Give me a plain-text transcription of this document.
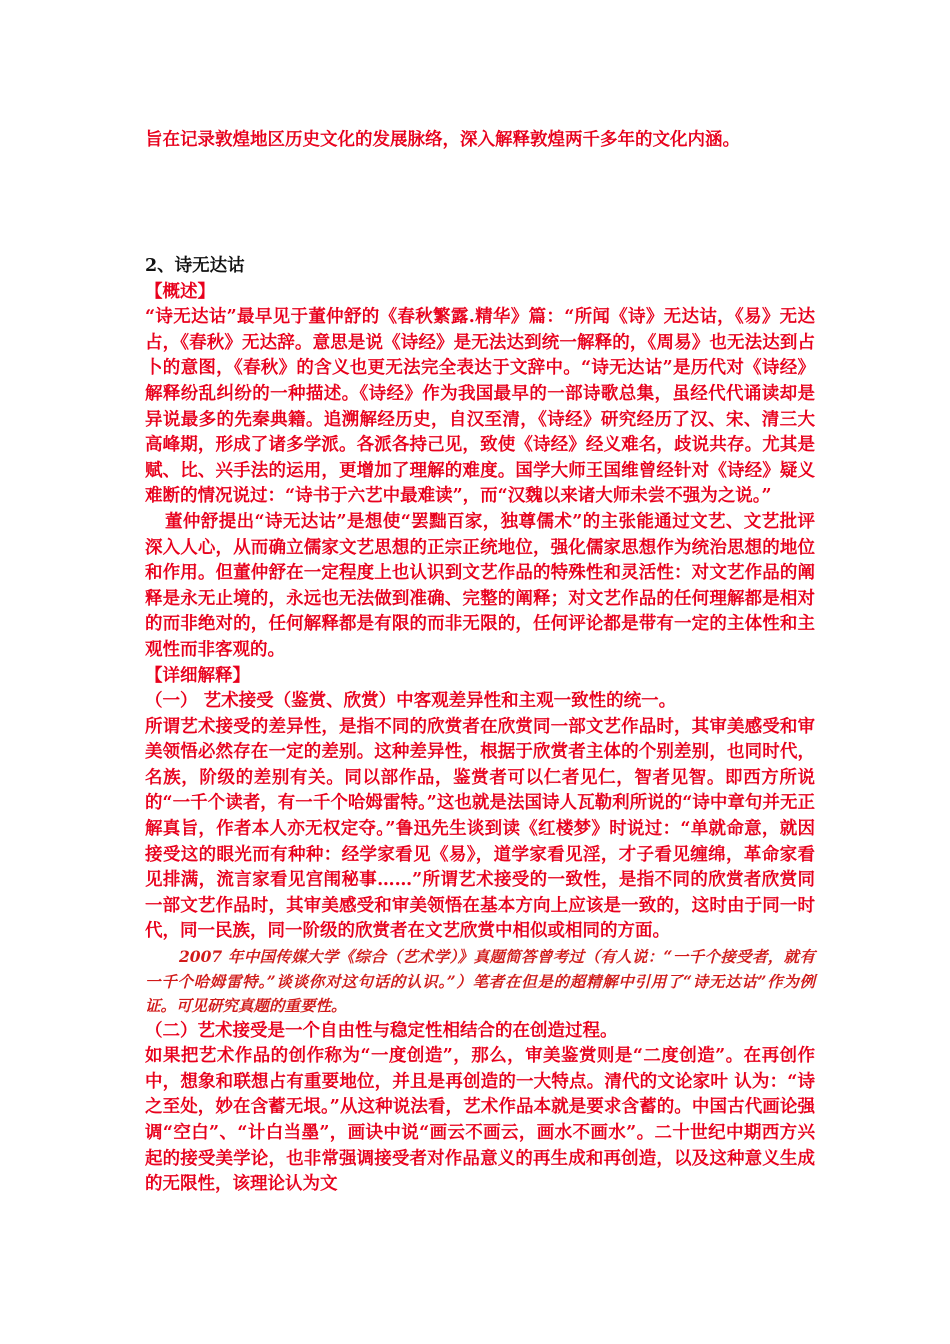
旨在记录敦煌地区历史文化的发展脉络，深入解释敦煌两千多年的文化内涵。

2、诗无达诂

【概述】

“诗无达诂”最早见于董仲舒的《春秋繁露.精华》篇：“所闻《诗》无达诂，《易》无达占，《春秋》无达辞。意思是说《诗经》是无法达到统一解释的，《周易》也无法达到占卜的意图，《春秋》的含义也更无法完全表达于文辞中。“诗无达诂”是历代对《诗经》解释纷乱纠纷的一种描述。《诗经》作为我国最早的一部诗歌总集，虽经代代诵读却是异说最多的先秦典籍。追溯解经历史，自汉至清，《诗经》研究经历了汉、宋、清三大高峰期，形成了诸多学派。各派各持己见，致使《诗经》经义难名，歧说共存。尤其是赋、比、兴手法的运用，更增加了理解的难度。国学大师王国维曾经针对《诗经》疑义难断的情况说过：“诗书于六艺中最难读”，而“汉魏以来诸大师未尝不强为之说。”

董仲舒提出“诗无达诂”是想使“罢黜百家，独尊儒术”的主张能通过文艺、文艺批评深入人心，从而确立儒家文艺思想的正宗正统地位，强化儒家思想作为统治思想的地位和作用。但董仲舒在一定程度上也认识到文艺作品的特殊性和灵活性：对文艺作品的阐释是永无止境的，永远也无法做到准确、完整的阐释；对文艺作品的任何理解都是相对的而非绝对的，任何解释都是有限的而非无限的，任何评论都是带有一定的主体性和主观性而非客观的。

【详细解释】

（一） 艺术接受（鉴赏、欣赏）中客观差异性和主观一致性的统一。

所谓艺术接受的差异性，是指不同的欣赏者在欣赏同一部文艺作品时，其审美感受和审美领悟必然存在一定的差别。这种差异性，根据于欣赏者主体的个别差别，也同时代，名族，阶级的差别有关。同以部作品，鉴赏者可以仁者见仁，智者见智。即西方所说的“一千个读者，有一千个哈姆雷特。”这也就是法国诗人瓦勒利所说的“诗中章句并无正解真旨，作者本人亦无权定夺。”鲁迅先生谈到读《红楼梦》时说过：“单就命意，就因接受这的眼光而有种种：经学家看见《易》，道学家看见淫，才子看见缠绵，革命家看见排满，流言家看见宫闱秘事……”所谓艺术接受的一致性，是指不同的欣赏者欣赏同一部文艺作品时，其审美感受和审美领悟在基本方向上应该是一致的，这时由于同一时代，同一民族，同一阶级的欣赏者在文艺欣赏中相似或相同的方面。

2007 年中国传媒大学《综合（艺术学）》真题简答曾考过（有人说：“一千个接受者，就有一千个哈姆雷特。”谈谈你对这句话的认识。”）笔者在但是的超精解中引用了“诗无达诂”作为例证。可见研究真题的重要性。

（二）艺术接受是一个自由性与稳定性相结合的在创造过程。

如果把艺术作品的创作称为“一度创造”，那么，审美鉴赏则是“二度创造”。在再创作中，想象和联想占有重要地位，并且是再创造的一大特点。清代的文论家叶 认为：“诗之至处，妙在含蓄无垠。”从这种说法看，艺术作品本就是要求含蓄的。中国古代画论强调“空白”、“计白当墨”，画诀中说“画云不画云，画水不画水”。二十世纪中期西方兴起的接受美学论，也非常强调接受者对作品意义的再生成和再创造，以及这种意义生成的无限性，该理论认为文
